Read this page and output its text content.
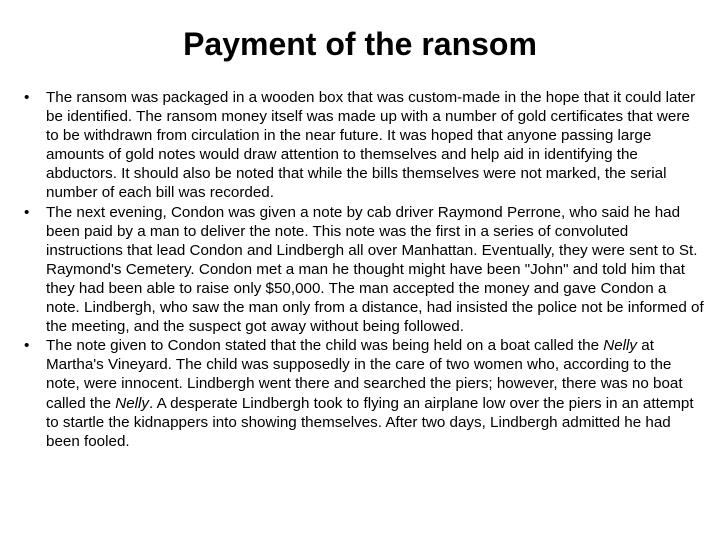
Payment of the ransom
•	The ransom was packaged in a wooden box that was custom-made in the hope that it could later be identified. The ransom money itself was made up with a number of gold certificates that were to be withdrawn from circulation in the near future. It was hoped that anyone passing large amounts of gold notes would draw attention to themselves and help aid in identifying the abductors. It should also be noted that while the bills themselves were not marked, the serial number of each bill was recorded.
•	The next evening, Condon was given a note by cab driver Raymond Perrone, who said he had been paid by a man to deliver the note. This note was the first in a series of convoluted instructions that lead Condon and Lindbergh all over Manhattan. Eventually, they were sent to St. Raymond's Cemetery. Condon met a man he thought might have been "John" and told him that they had been able to raise only $50,000. The man accepted the money and gave Condon a note. Lindbergh, who saw the man only from a distance, had insisted the police not be informed of the meeting, and the suspect got away without being followed.
•	The note given to Condon stated that the child was being held on a boat called the Nelly at Martha's Vineyard. The child was supposedly in the care of two women who, according to the note, were innocent. Lindbergh went there and searched the piers; however, there was no boat called the Nelly. A desperate Lindbergh took to flying an airplane low over the piers in an attempt to startle the kidnappers into showing themselves. After two days, Lindbergh admitted he had been fooled.
